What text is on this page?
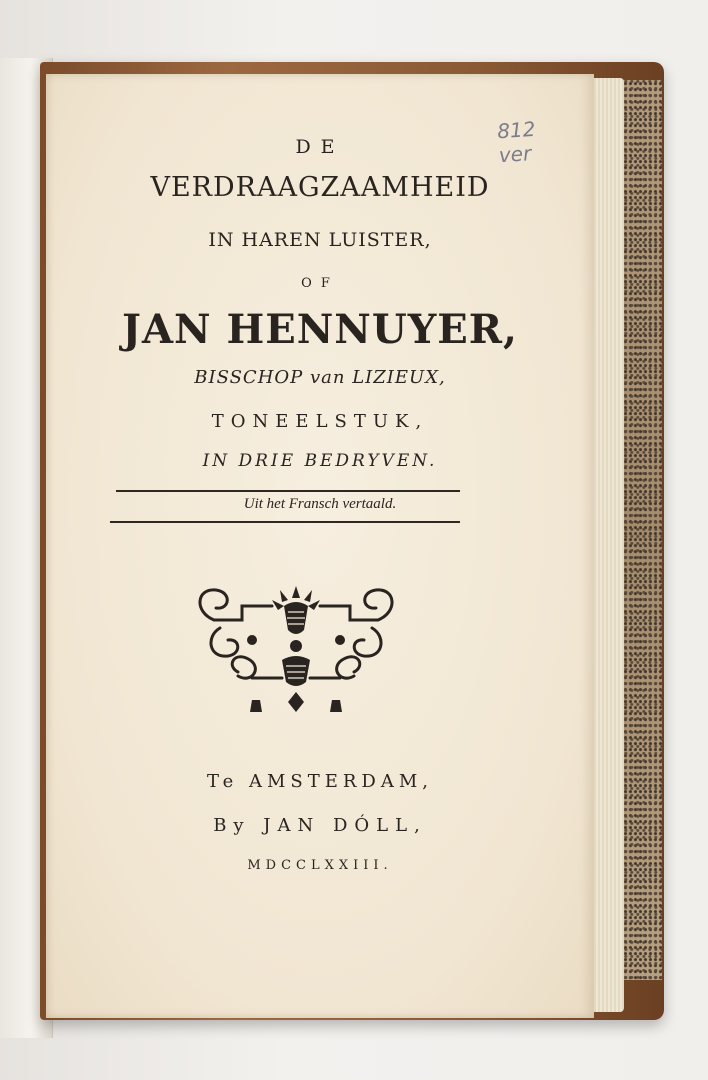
812
ver
DE
VERDRAAGZAAMHEID
IN HAREN LUISTER,
OF
JAN HENNUYER,
BISSCHOP van LIZIEUX,
TONEELSTUK,
IN DRIE BEDRYVEN.
Uit het Fransch vertaald.
Te AMSTERDAM,
By JAN DÓLL,
MDCCLXXIII.
